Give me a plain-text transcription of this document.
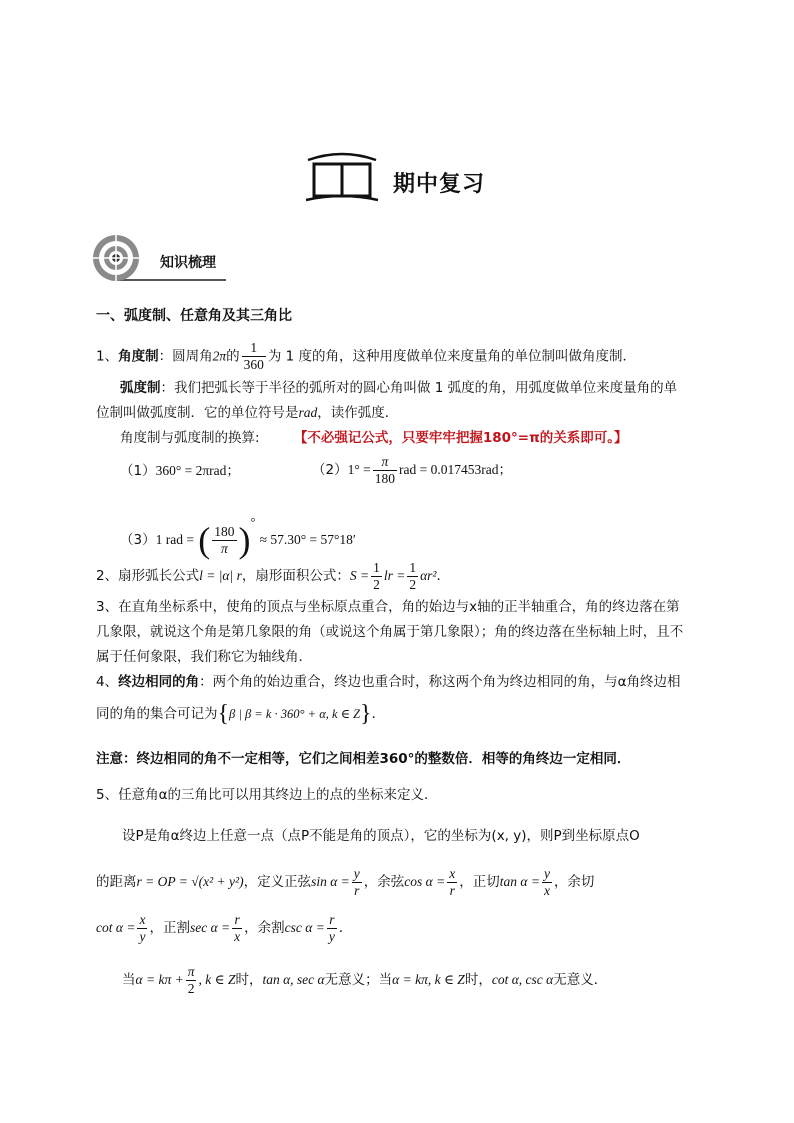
期中复习
知识梳理
一、弧度制、任意角及其三角比
1、角度制：圆周角2π的 $\frac{1}{360}$ 为 1 度的角，这种用度做单位来度量角的单位制叫做角度制．
弧度制：我们把弧长等于半径的弧所对的圆心角叫做 1 弧度的角，用弧度做单位来度量角的单
位制叫做弧度制．它的单位符号是rad，读作弧度．
角度制与弧度制的换算:	【不必强记公式，只要牢牢把握180°=π的关系即可。】
（1）360° = 2πrad；	$(2)1^\circ = \frac{\pi}{180}$ rad = 0.017453rad；
（3）1 rad = ( $\frac{180}{\pi} )^\circ \approx 57.30^\circ = 57^\circ 18'$
2、扇形弧长公式l = |α| r，扇形面积公式：$S = \frac{1}{2}$ lr = $\frac{1}{2} \alpha r^2$．
3、在直角坐标系中，使角的顶点与坐标原点重合，角的始边与x轴的正半轴重合，角的终边落在第
几象限，就说这个角是第几象限的角（或说这个角属于第几象限）；角的终边落在坐标轴上时，且不
属于任何象限，我们称它为轴线角．
4、终边相同的角：两个角的始边重合，终边也重合时，称这两个角为终边相同的角，与α角终边相
同的角的集合可记为{β | β = k · 360° + α, k ∈ Z}．
注意：终边相同的角不一定相等，它们之间相差360°的整数倍．相等的角终边一定相同．
5、任意角α的三角比可以用其终边上的点的坐标来定义．
设P是角α终边上任意一点（点P不能是角的顶点），它的坐标为(x, y)，则P到坐标原点O
的距离r = OP = √(x² + y²)，定义正弦$\sin \alpha = \frac{y}{r}$ ，余弦$\cos \alpha = \frac{x}{r}$ ，正切$\tan \alpha = \frac{y}{x}$ ，余切
$\cot \alpha = \frac{x}{y}$ ，正割$\sec \alpha = \frac{r}{x}$ ，余割$\csc \alpha = \frac{r}{y}$ ．
当$\alpha = k\pi + \frac{\pi}{2}$ , k ∈ Z时，tan α, sec α无意义；当α = kπ, k ∈ Z时，cot α, csc α无意义．
